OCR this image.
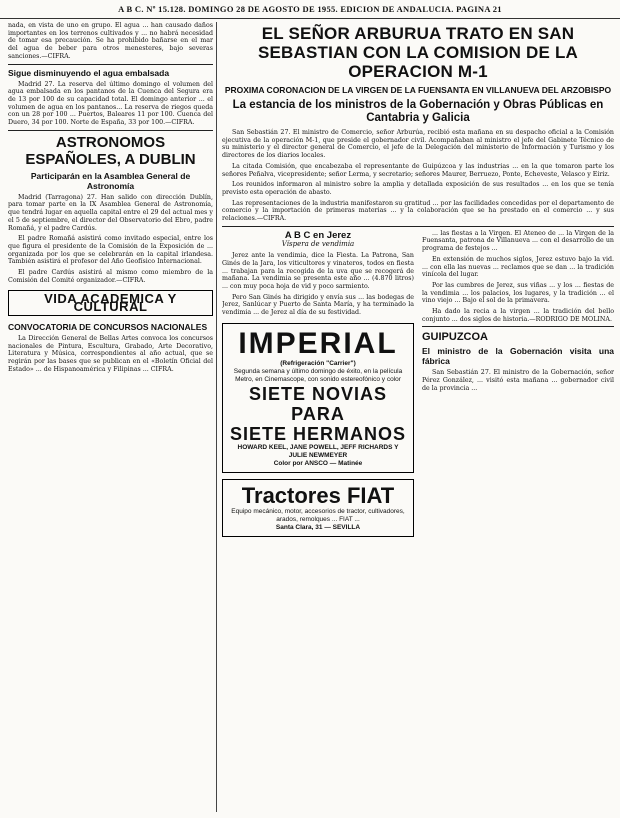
A B C. Nº 15.128. DOMINGO 28 DE AGOSTO DE 1955. EDICION DE ANDALUCIA. PAGINA 21

nada, en vista de uno en grupo. El agua ... han causado daños importantes en los terrenos cultivados y ... no habrá necesidad de tomar esa precaución. Se ha prohibido bañarse en el mar del agua de beber para otros menesteres, bajo severas sanciones.—CIFRA.

Sigue disminuyendo el agua embalsada

Madrid 27. La reserva del último domingo el volumen del agua embalsada en los pantanos de la Cuenca del Segura era de 13 por 100 de su capacidad total. El domingo anterior ... el volumen de agua en los pantanos... La reserva de riegos queda con un 28 por 100 ... Puertos, Baleares 11 por 100. Cuenca del Duero, 34 por 100. Norte de España, 33 por 100.—CIFRA.

ASTRONOMOS ESPAÑOLES, A DUBLIN
Participarán en la Asamblea General de Astronomía

Madrid (Tarragona) 27. Han salido con dirección Dublín, para tomar parte en la IX Asamblea General de Astronomía, que tendrá lugar en aquella capital entre el 29 del actual mes y el 5 de septiembre, el director del Observatorio del Ebro, padre Romañá, y el padre Cardús.

El padre Romañá asistirá como invitado especial, entre los que figura el presidente de la Comisión de la Exposición de ... organizada por los que se celebrarán en la capital irlandesa. También asistirá el profesor del Año Geofísico Internacional.

El padre Cardús asistirá al mismo como miembro de la Comisión del Comité organizador.—CIFRA.

VIDA ACADEMICA Y CULTURAL
CONVOCATORIA DE CONCURSOS NACIONALES

La Dirección General de Bellas Artes convoca los concursos nacionales de Pintura, Escultura, Grabado, Arte Decorativo, Literatura y Música, correspondientes al año actual, que se regirán por las bases que se publican en el «Boletín Oficial del Estado» ... de Hispanoamérica y Filipinas ... CIFRA.

EL SEÑOR ARBURUA TRATO EN SAN SEBASTIAN CON LA COMISION DE LA OPERACION M-1
PROXIMA CORONACION DE LA VIRGEN DE LA FUENSANTA EN VILLANUEVA DEL ARZOBISPO
La estancia de los ministros de la Gobernación y Obras Públicas en Cantabria y Galicia

San Sebastián 27. El ministro de Comercio, señor Arburúa, recibió esta mañana en su despacho oficial a la Comisión ejecutiva de la operación M-1, que preside el gobernador civil. Acompañaban al ministro el jefe del Gabinete Técnico de su ministerio y el director general de Comercio, el jefe de la Delegación del ministerio de Información y Turismo y los directores de los diarios locales.

La citada Comisión, que encabezaba el representante de Guipúzcoa y las industrias ... en la que tomaron parte los señores Peñalva, vicepresidente; señor Lerma, y secretario; señores Maurer, Berruezo, Ponte, Echeveste, Velasco y Eiriz.

Los reunidos informaron al ministro sobre la amplia y detallada exposición de sus resultados ... en los que se tenía previsto esta operación de abasto.

Las representaciones de la industria manifestaron su gratitud ... por las facilidades concedidas por el departamento de comercio y la importación de primeras materias ... y la colaboración que se ha prestado en el comercio ... y sus relaciones.—CIFRA.

A B C en Jerez
Víspera de vendimia

Jerez ante la vendimia, dice la Fiesta. La Patrona, San Ginés de la Jara, los viticultores y vinateros, todos en fiesta ... trabajan para la recogida de la uva que se recogerá de mañana. La vendimia se presenta este año ... (4.870 litros) ... con muy poca hoja de vid y poco sarmiento.

Pero San Ginés ha dirigido y envía sus ... las bodegas de Jerez, Sanlúcar y Puerto de Santa María, y ha terminado la vendimia ... de Jerez al día de su festividad.

IMPERIAL
(Refrigeración "Carrier")
Segunda semana y último domingo de éxito, en la película Metro, en Cinemascope, con sonido estereofónico y color
SIETE NOVIAS PARA
SIETE HERMANOS
HOWARD KEEL, JANE POWELL, JEFF RICHARDS Y JULIE NEWMEYER
Color por ANSCO — Matinée
Tractores FIAT
Equipo mecánico, motor, accesorios de tractor, cultivadores, arados, remolques ... FIAT ...
Santa Clara, 31 — SEVILLA

... las fiestas a la Virgen. El Ateneo de ... la Virgen de la Fuensanta, patrona de Villanueva ... con el desarrollo de un programa de festejos ...

En extensión de muchos siglos, Jerez estuvo bajo la vid. ... con ella las nuevas ... reclamos que se dan ... la tradición vinícola del lugar.

Por las cumbres de Jerez, sus viñas ... y los ... fiestas de la vendimia ... los palacios, los lugares, y la tradición ... el vino viejo ... Bajo el sol de la primavera.

Ha dado la recia a la virgen ... la tradición del bello conjunto ... dos siglos de historia.—RODRIGO DE MOLINA.

GUIPUZCOA
El ministro de la Gobernación visita una fábrica

San Sebastián 27. El ministro de la Gobernación, señor Pérez González, ... visitó esta mañana ... gobernador civil de la provincia ...
